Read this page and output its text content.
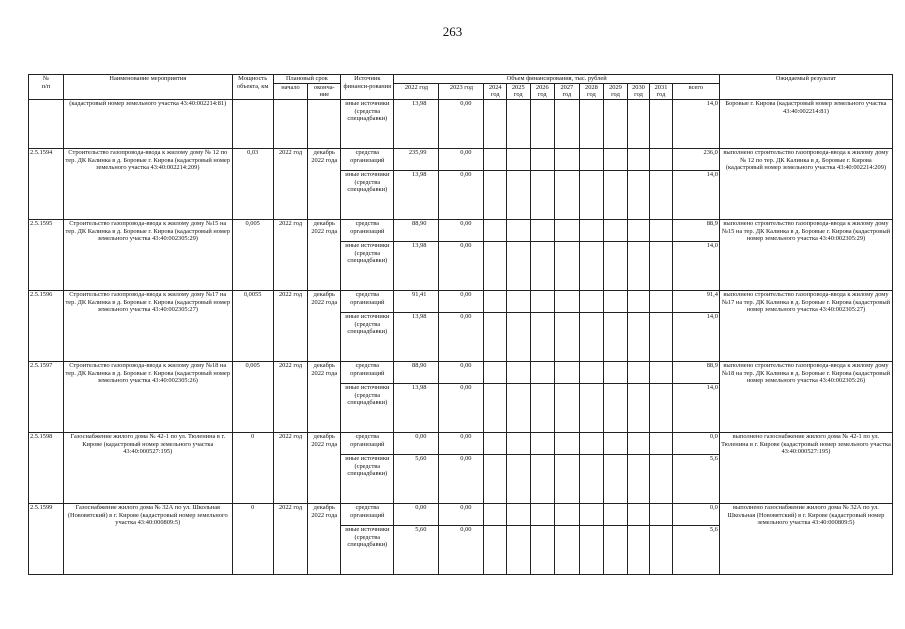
263
№
п/п	Наименование мероприятия	Мощность объекта, км	Плановый срок		Источник финанси-рования	Объем финансирования, тыс. рублей											Ожидаемый результат
			начало	оконча-ние		2022 год	2023 год	2024 год	2025 год	2026 год	2027 год	2028 год	2029 год	2030 год	2031 год	всего	
	(кадастровый номер земельного участка 43:40:002214:81)				иные источники (средства спецнадбавки)	13,98	0,00									14,0	Боровые г. Кирова (кадастровый номер земельного участка 43:40:002214:81)
2.5.1594	Строительство газопровода-ввода к жилому дому № 12 по тер. ДК Калинка в д. Боровые г. Кирова (кадастровый номер земельного участка 43:40:002214:209)	0,03	2022 год	декабрь 2022 года	средства организаций	235,99	0,00									236,0	выполнено строительство газопровода-ввода к жилому дому № 12 по тер. ДК Калинка в д. Боровые г. Кирова (кадастровый номер земельного участка 43:40:002214:209)
					иные источники (средства спецнадбавки)	13,98	0,00									14,0	
2.5.1595	Строительство газопровода-ввода к жилому дому №15 на тер. ДК Калинка в д. Боровые г. Кирова (кадастровый номер земельного участка 43:40:002305:29)	0,005	2022 год	декабрь 2022 года	средства организаций	88,90	0,00									88,9	выполнено строительство газопровода-ввода к жилому дому №15 на тер. ДК Калинка в д. Боровые г. Кирова (кадастровый номер земельного участка 43:40:002305:29)
					иные источники (средства спецнадбавки)	13,98	0,00									14,0	
2.5.1596	Строительство газопровода-ввода к жилому дому №17 на тер. ДК Калинка в д. Боровые г. Кирова (кадастровый номер земельного участка 43:40:002305:27)	0,0055	2022 год	декабрь 2022 года	средства организаций	91,41	0,00									91,4	выполнено строительство газопровода-ввода к жилому дому №17 на тер. ДК Калинка в д. Боровые г. Кирова (кадастровый номер земельного участка 43:40:002305:27)
					иные источники (средства спецнадбавки)	13,98	0,00									14,0	
2.5.1597	Строительство газопровода-ввода к жилому дому №18 на тер. ДК Калинка в д. Боровые г. Кирова (кадастровый номер земельного участка 43:40:002305:26)	0,005	2022 год	декабрь 2022 года	средства организаций	88,90	0,00									88,9	выполнено строительство газопровода-ввода к жилому дому №18 на тер. ДК Калинка в д. Боровые г. Кирова (кадастровый номер земельного участка 43:40:002305:26)
					иные источники (средства спецнадбавки)	13,98	0,00									14,0	
2.5.1598	Газоснабжение жилого дома № 42-1 по ул. Тюленина в г. Кирове (кадастровый номер земельного участка 43:40:000527:195)	0	2022 год	декабрь 2022 года	средства организаций	0,00	0,00									0,0	выполнено газоснабжение жилого дома № 42-1 по ул. Тюленина в г. Кирове (кадастровый номер земельного участка 43:40:000527:195)
					иные источники (средства спецнадбавки)	5,60	0,00									5,6	
2.5.1599	Газоснабжение жилого дома № 32А по ул. Школьная (Нововятский) в г. Кирове (кадастровый номер земельного участка 43:40:000809:5)	0	2022 год	декабрь 2022 года	средства организаций	0,00	0,00									0,0	выполнено газоснабжение жилого дома № 32А по ул. Школьная (Нововятский) в г. Кирове (кадастровый номер земельного участка 43:40:000809:5)
					иные источники (средства спецнадбавки)	5,60	0,00									5,6	
